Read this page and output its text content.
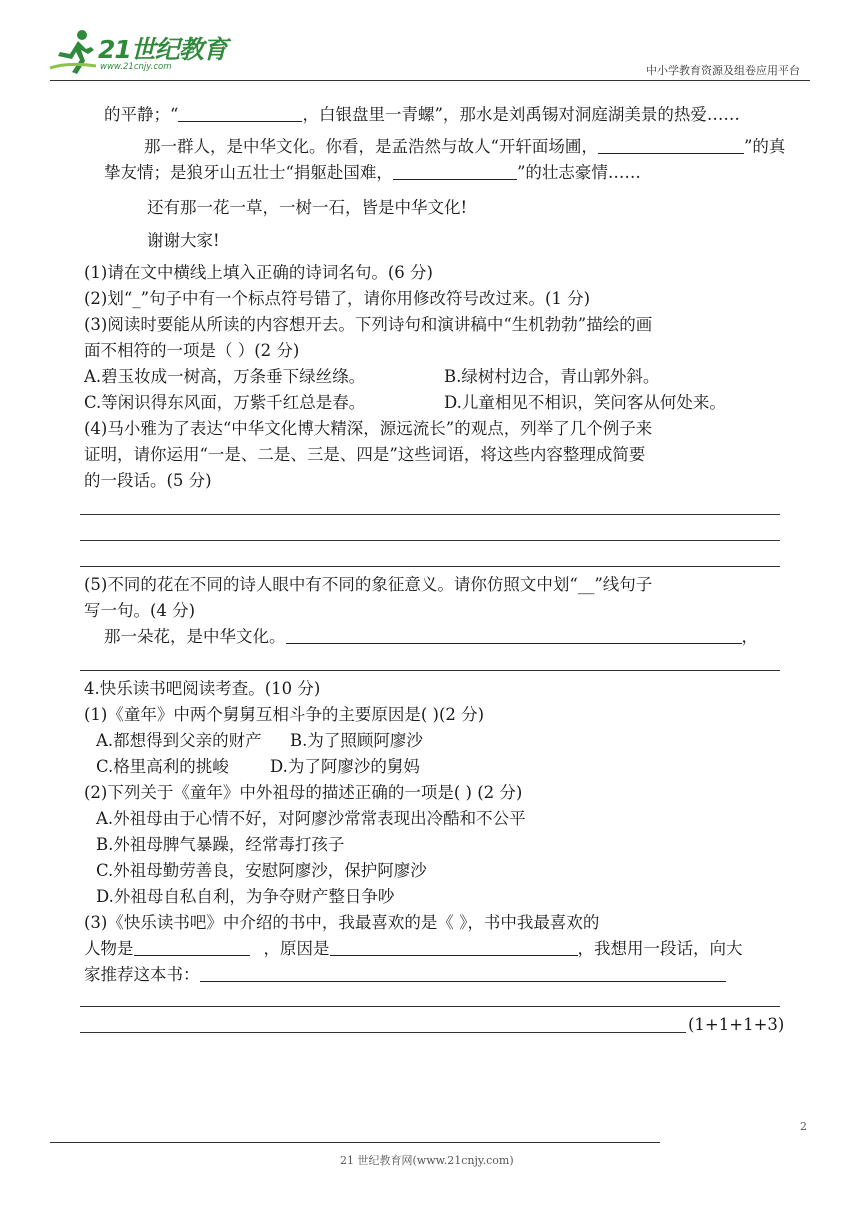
21世纪教育
www.21cnjy.com	中小学教育资源及组卷应用平台
的平静；“	，白银盘里一青螺”，那水是刘禹锡对洞庭湖美景的热爱……
那一群人，是中华文化。你看，是孟浩然与故人“开轩面场圃，	”的真
挚友情；是狼牙山五壮士“捐躯赴国难，	”的壮志豪情……
还有那一花一草，一树一石，皆是中华文化!
谢谢大家!
(1)请在文中横线上填入正确的诗词名句。(6 分)
(2)划“_”句子中有一个标点符号错了，请你用修改符号改过来。(1 分)
(3)阅读时要能从所读的内容想开去。下列诗句和演讲稿中“生机勃勃”描绘的画
面不相符的一项是（ ）(2 分)
A.碧玉妆成一树高，万条垂下绿丝绦。	B.绿树村边合，青山郭外斜。
C.等闲识得东风面，万紫千红总是春。	D.儿童相见不相识，笑问客从何处来。
(4)马小雅为了表达“中华文化博大精深，源远流长”的观点，列举了几个例子来
证明，请你运用“一是、二是、三是、四是”这些词语，将这些内容整理成简要
的一段话。(5 分)
(5)不同的花在不同的诗人眼中有不同的象征意义。请你仿照文中划“__”线句子
写一句。(4 分)
那一朵花，是中华文化。	，
4.快乐读书吧阅读考查。(10 分)
(1)《童年》中两个舅舅互相斗争的主要原因是( )(2 分)
A.都想得到父亲的财产 B.为了照顾阿廖沙
C.格里高利的挑峻 D.为了阿廖沙的舅妈
(2)下列关于《童年》中外祖母的描述正确的一项是( ) (2 分)
A.外祖母由于心情不好，对阿廖沙常常表现出冷酷和不公平
B.外祖母脾气暴躁，经常毒打孩子
C.外祖母勤劳善良，安慰阿廖沙，保护阿廖沙
D.外祖母自私自利，为争夺财产整日争吵
(3)《快乐读书吧》中介绍的书中，我最喜欢的是《 》，书中我最喜欢的
人物是	，原因是	，我想用一段话，向大
家推荐这本书：
(1+1+1+3)
2
21 世纪教育网(www.21cnjy.com)
